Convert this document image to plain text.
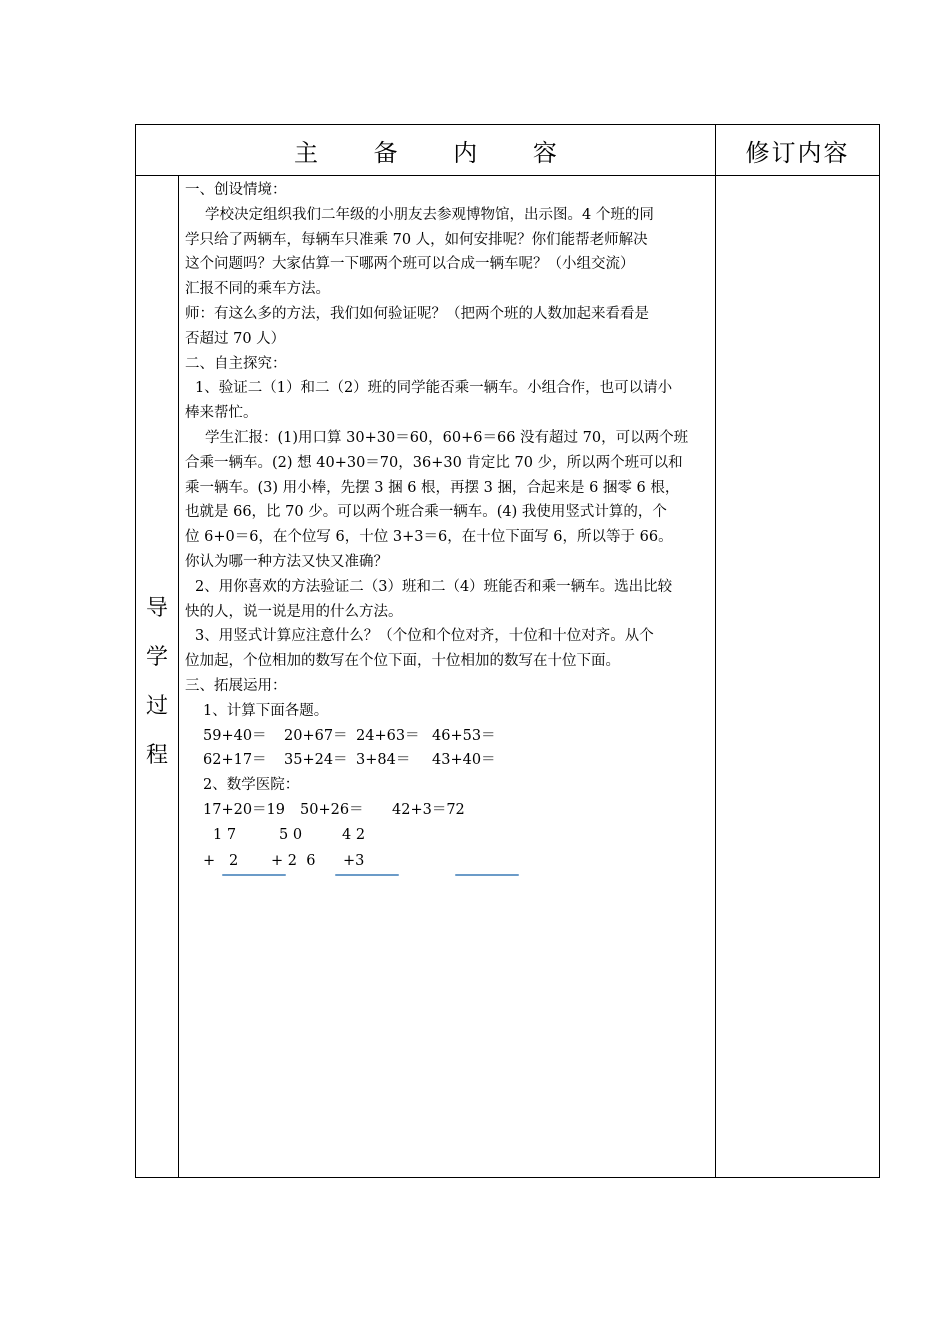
主 备 内 容	修订内容
导
学
过
程

一、创设情境：

学校决定组织我们二年级的小朋友去参观博物馆，出示图。4 个班的同

学只给了两辆车，每辆车只准乘 70 人，如何安排呢？你们能帮老师解决

这个问题吗？大家估算一下哪两个班可以合成一辆车呢？（小组交流）

汇报不同的乘车方法。

师：有这么多的方法，我们如何验证呢？（把两个班的人数加起来看看是

否超过 70 人）

二、自主探究：

1、验证二（1）和二（2）班的同学能否乘一辆车。小组合作，也可以请小

棒来帮忙。

学生汇报：(1)用口算 30+30＝60，60+6＝66 没有超过 70，可以两个班

合乘一辆车。(2) 想 40+30＝70，36+30 肯定比 70 少，所以两个班可以和

乘一辆车。(3) 用小棒，先摆 3 捆 6 根，再摆 3 捆，合起来是 6 捆零 6 根，

也就是 66，比 70 少。可以两个班合乘一辆车。(4) 我使用竖式计算的，个

位 6+0＝6，在个位写 6，十位 3+3＝6，在十位下面写 6，所以等于 66。

你认为哪一种方法又快又准确？

2、用你喜欢的方法验证二（3）班和二（4）班能否和乘一辆车。选出比较

快的人，说一说是用的什么方法。

3、用竖式计算应注意什么？（个位和个位对齐，十位和十位对齐。从个

位加起，个位相加的数写在个位下面，十位相加的数写在十位下面。

三、拓展运用：

1、计算下面各题。

59+40＝ 20+67＝ 24+63＝ 46+53＝

62+17＝ 35+24＝ 3+84＝ 43+40＝

2、数学医院：

17+20＝19 50+26＝ 42+3＝72

1 7	5 0	4 2
+   2 + 2  6 +3
